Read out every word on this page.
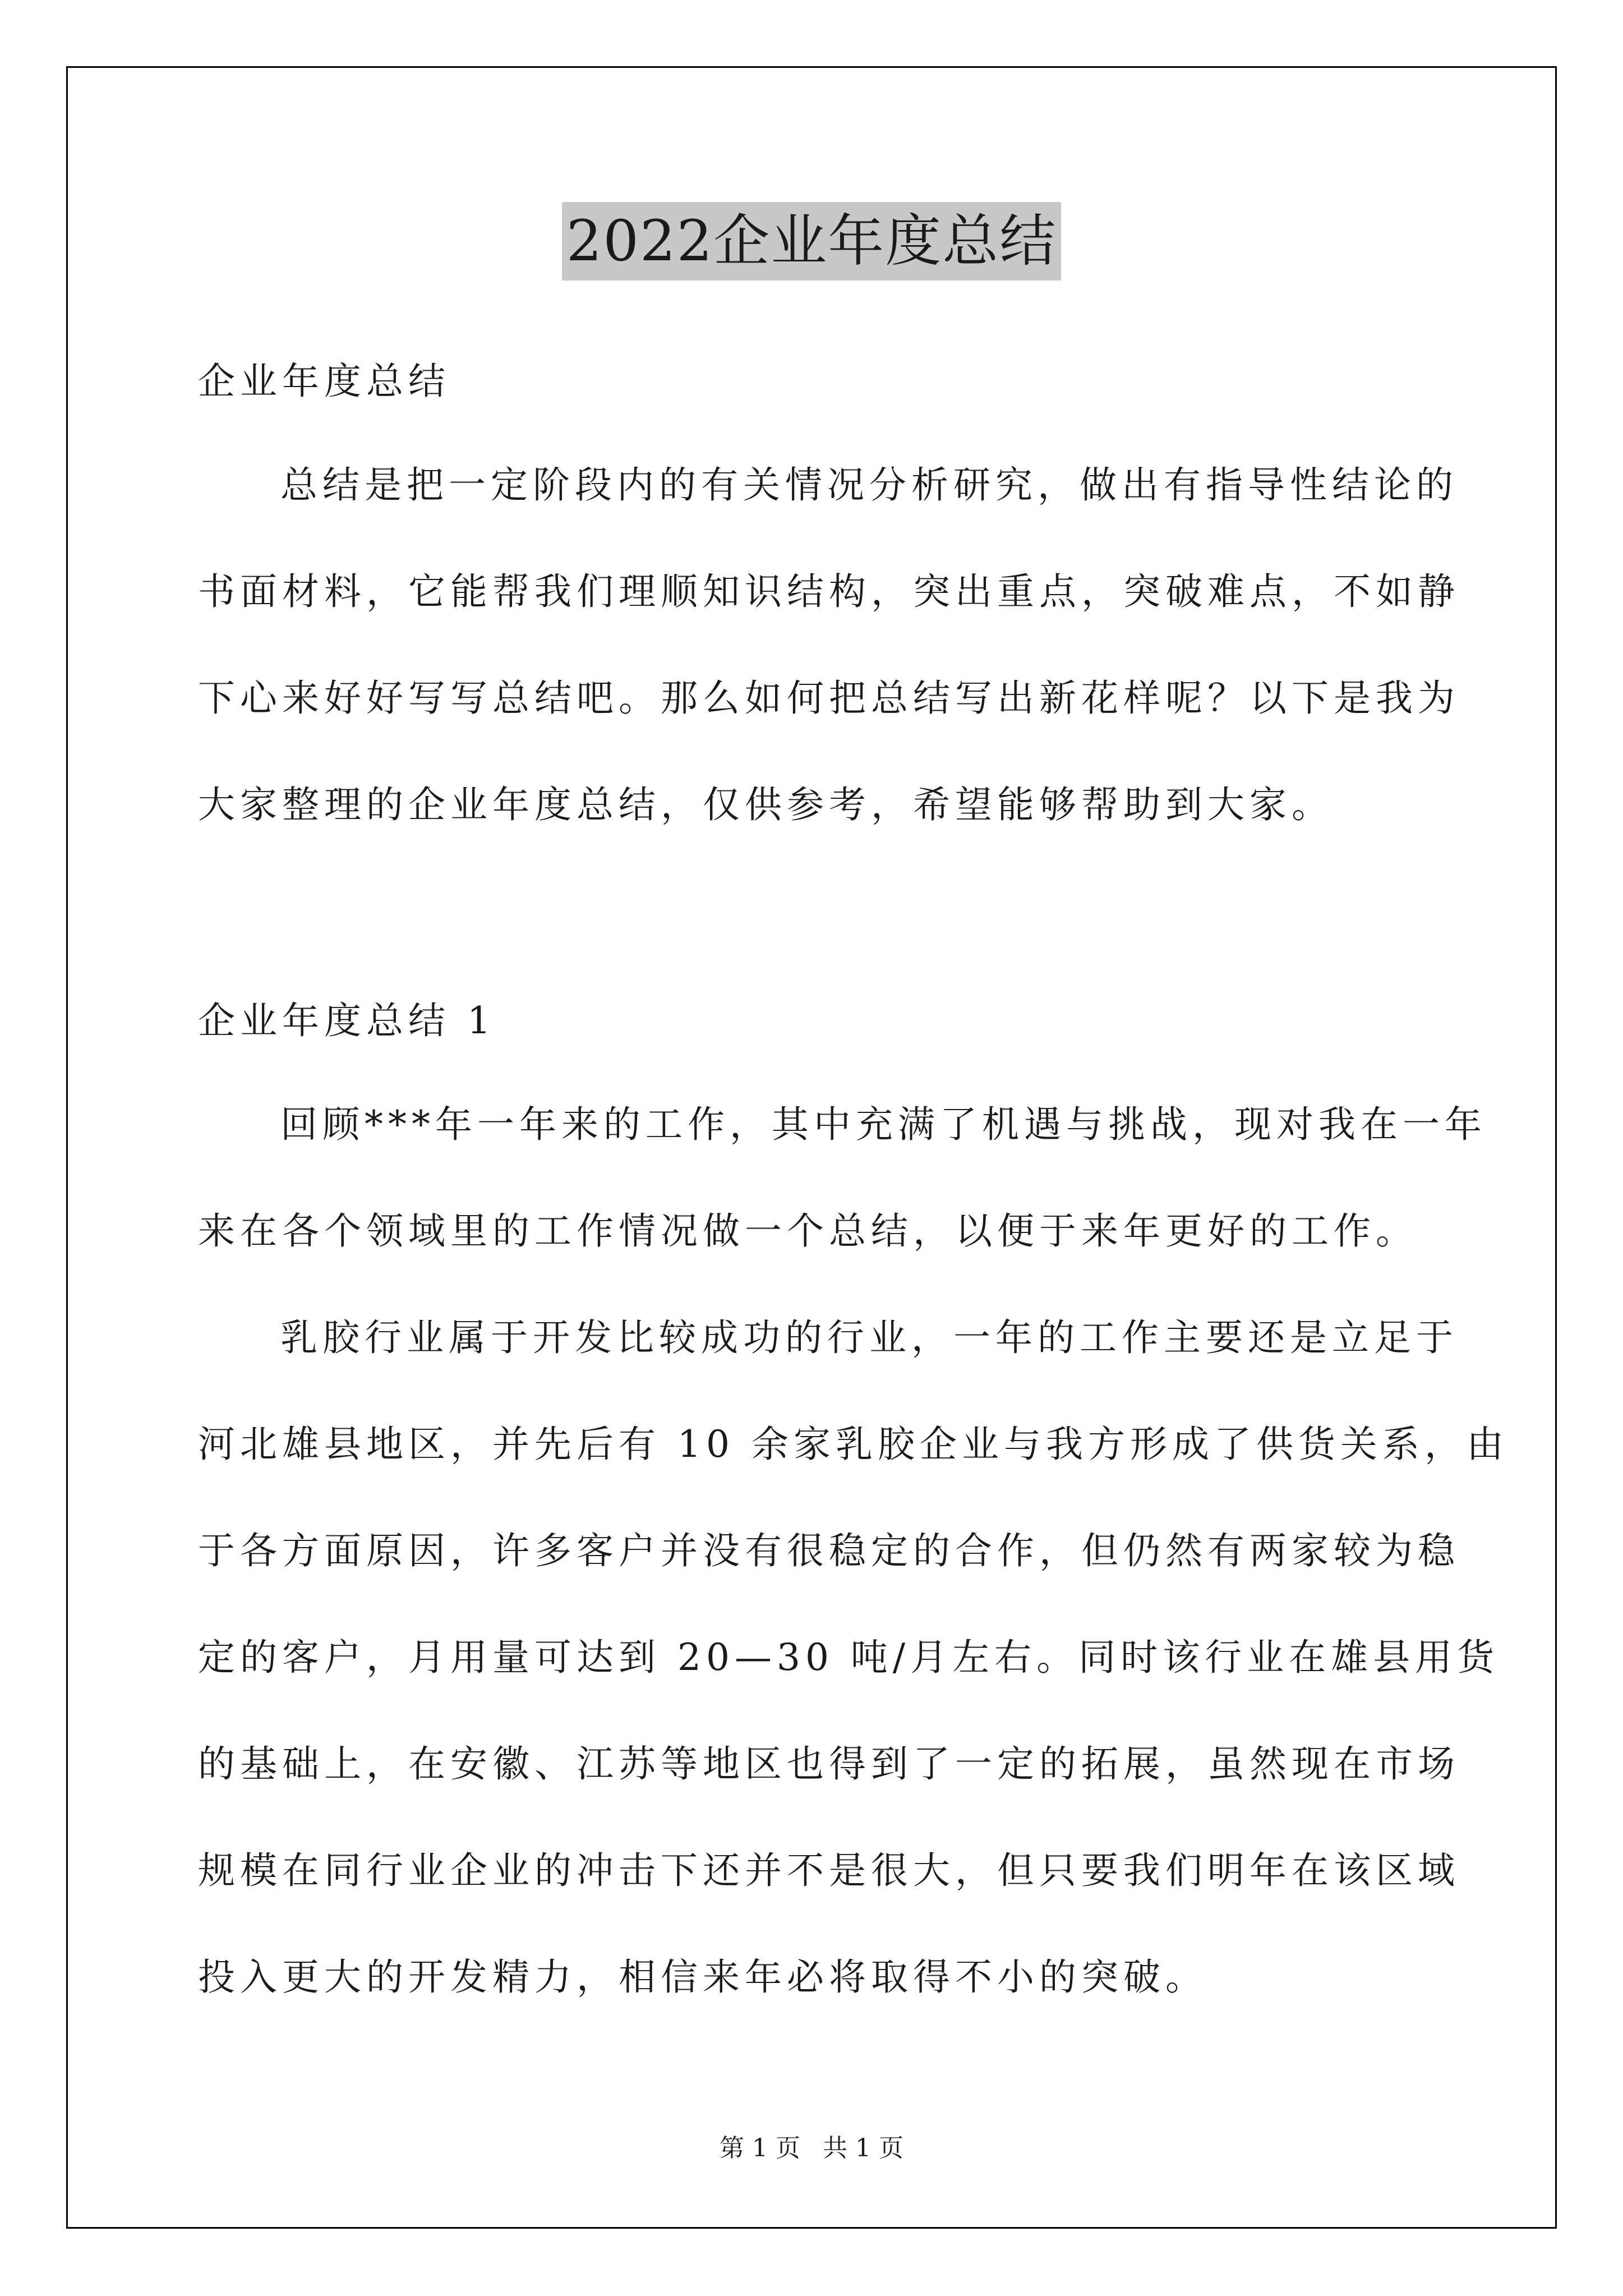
2022企业年度总结
企业年度总结
总结是把一定阶段内的有关情况分析研究，做出有指导性结论的
书面材料，它能帮我们理顺知识结构，突出重点，突破难点，不如静
下心来好好写写总结吧。那么如何把总结写出新花样呢？以下是我为
大家整理的企业年度总结，仅供参考，希望能够帮助到大家。
企业年度总结 1
回顾***年一年来的工作，其中充满了机遇与挑战，现对我在一年
来在各个领域里的工作情况做一个总结，以便于来年更好的工作。
乳胶行业属于开发比较成功的行业，一年的工作主要还是立足于
河北雄县地区，并先后有 10 余家乳胶企业与我方形成了供货关系，由
于各方面原因，许多客户并没有很稳定的合作，但仍然有两家较为稳
定的客户，月用量可达到 20—30 吨/月左右。同时该行业在雄县用货
的基础上，在安徽、江苏等地区也得到了一定的拓展，虽然现在市场
规模在同行业企业的冲击下还并不是很大，但只要我们明年在该区域
投入更大的开发精力，相信来年必将取得不小的突破。
第 1 页 共 1 页
